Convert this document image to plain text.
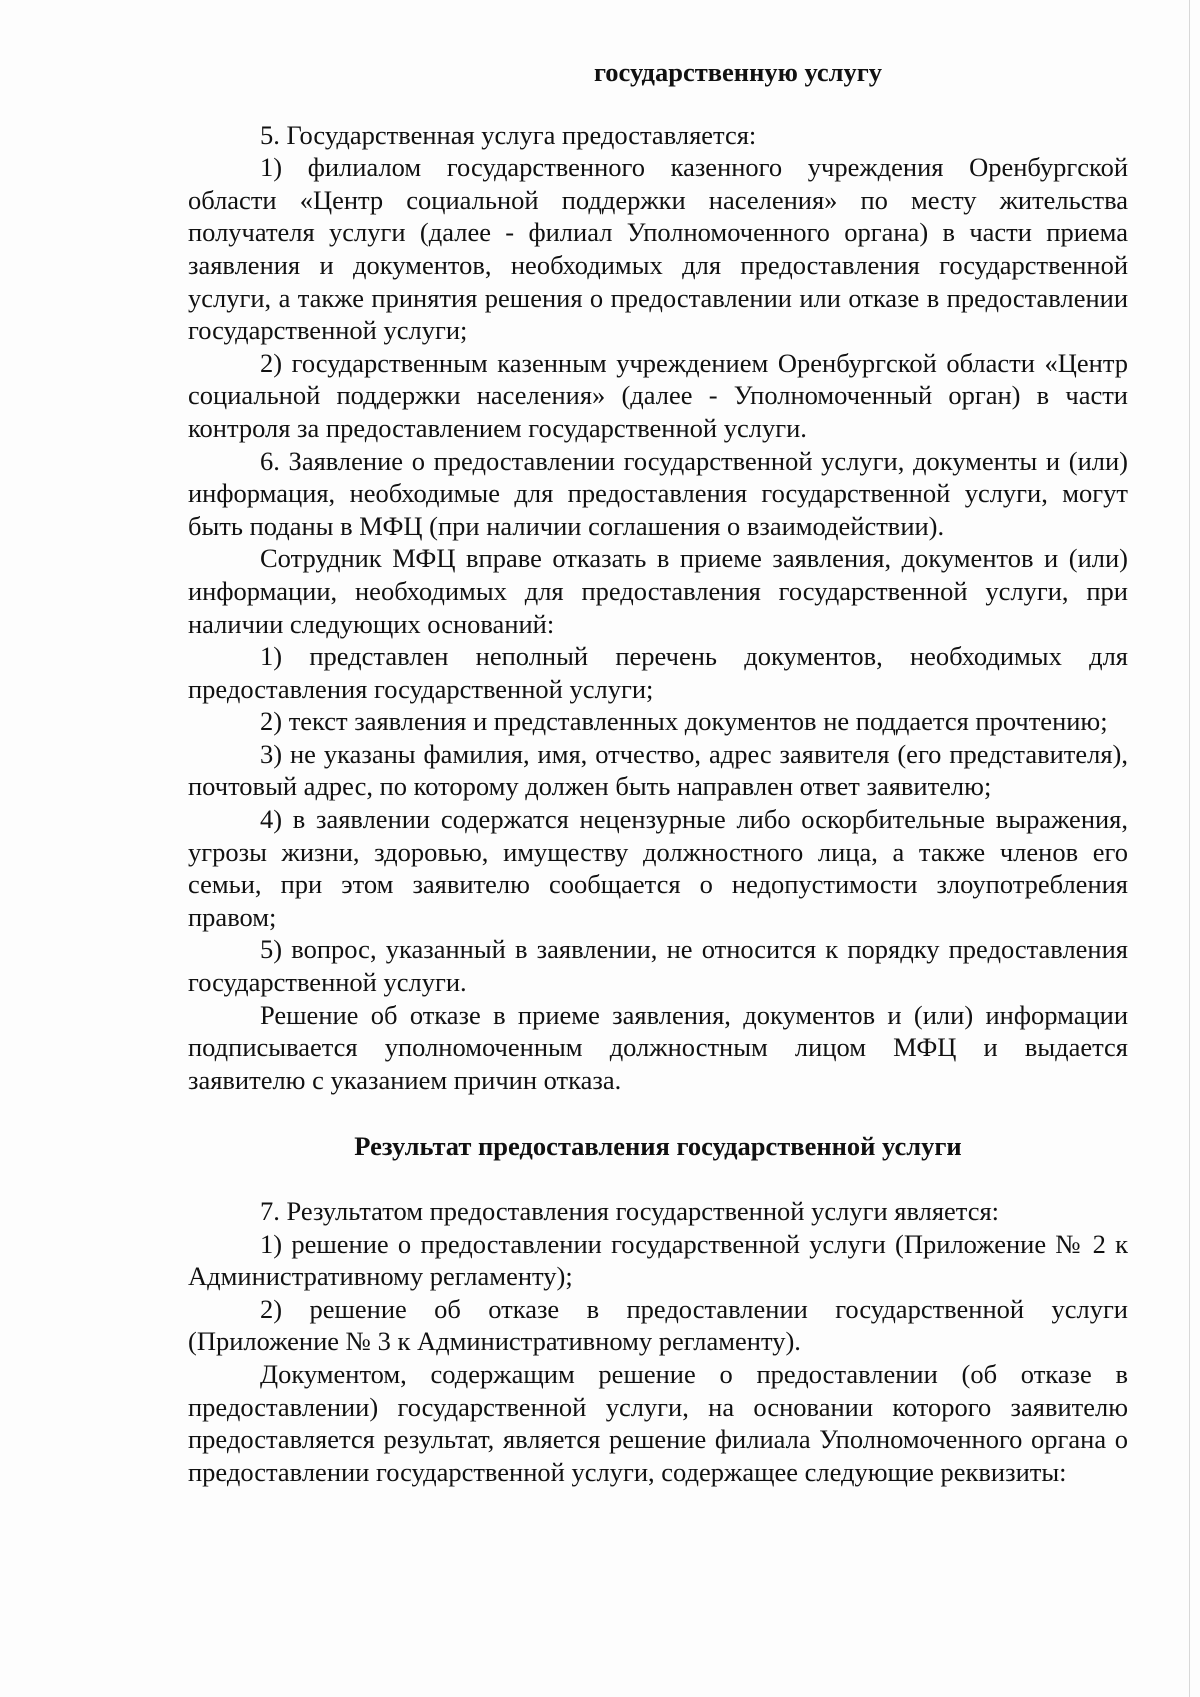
государственную услугу

5. Государственная услуга предоставляется:

1) филиалом государственного казенного учреждения Оренбургской области «Центр социальной поддержки населения» по месту жительства получателя услуги (далее - филиал Уполномоченного органа) в части приема заявления и документов, необходимых для предоставления государственной услуги, а также принятия решения о предоставлении или отказе в предоставлении государственной услуги;

2) государственным казенным учреждением Оренбургской области «Центр социальной поддержки населения» (далее - Уполномоченный орган) в части контроля за предоставлением государственной услуги.

6. Заявление о предоставлении государственной услуги, документы и (или) информация, необходимые для предоставления государственной услуги, могут быть поданы в МФЦ (при наличии соглашения о взаимодействии).

Сотрудник МФЦ вправе отказать в приеме заявления, документов и (или) информации, необходимых для предоставления государственной услуги, при наличии следующих оснований:

1) представлен неполный перечень документов, необходимых для предоставления государственной услуги;

2) текст заявления и представленных документов не поддается прочтению;

3) не указаны фамилия, имя, отчество, адрес заявителя (его представителя), почтовый адрес, по которому должен быть направлен ответ заявителю;

4) в заявлении содержатся нецензурные либо оскорбительные выражения, угрозы жизни, здоровью, имуществу должностного лица, а также членов его семьи, при этом заявителю сообщается о недопустимости злоупотребления правом;

5) вопрос, указанный в заявлении, не относится к порядку предоставления государственной услуги.

Решение об отказе в приеме заявления, документов и (или) информации подписывается уполномоченным должностным лицом МФЦ и выдается заявителю с указанием причин отказа.

Результат предоставления государственной услуги

7. Результатом предоставления государственной услуги является:

1) решение о предоставлении государственной услуги (Приложение № 2 к Административному регламенту);

2) решение об отказе в предоставлении государственной услуги (Приложение № 3 к Административному регламенту).

Документом, содержащим решение о предоставлении (об отказе в предоставлении) государственной услуги, на основании которого заявителю предоставляется результат, является решение филиала Уполномоченного органа о предоставлении государственной услуги, содержащее следующие реквизиты:
